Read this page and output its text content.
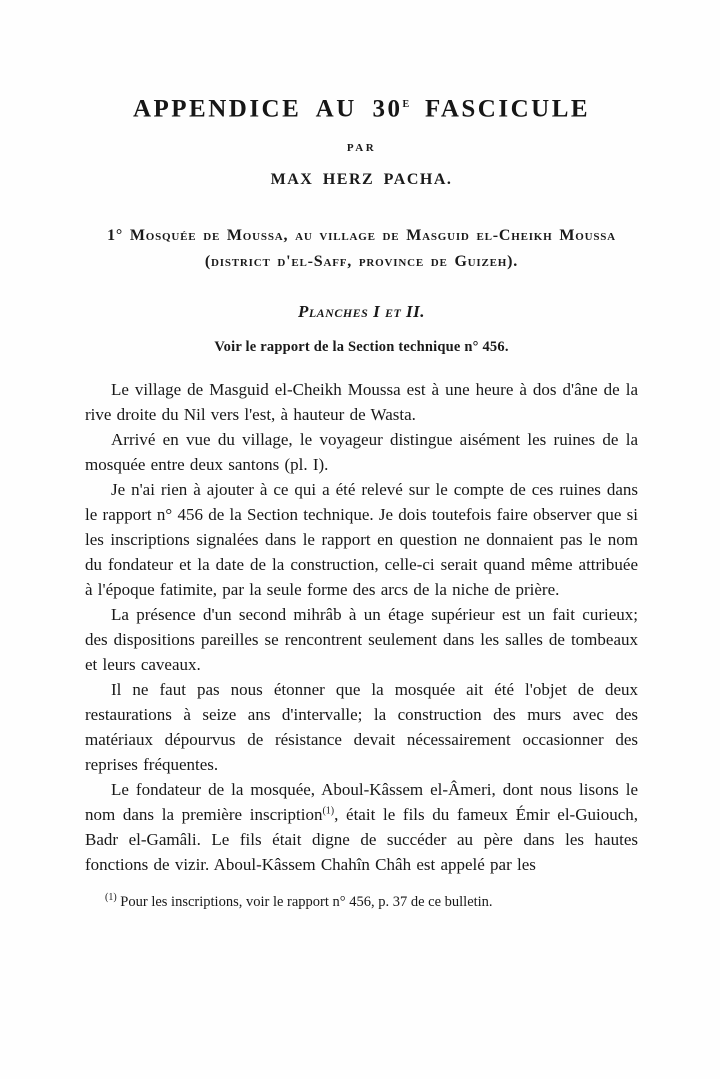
APPENDICE AU 30e FASCICULE
PAR
MAX HERZ PACHA.
1° Mosquée de Moussa, au village de Masguid el-Cheikh Moussa
(district d'el-Saff, province de Guizeh).
Planches I et II.
Voir le rapport de la Section technique n° 456.

Le village de Masguid el-Cheikh Moussa est à une heure à dos d'âne de la rive droite du Nil vers l'est, à hauteur de Wasta.

Arrivé en vue du village, le voyageur distingue aisément les ruines de la mosquée entre deux santons (pl. I).

Je n'ai rien à ajouter à ce qui a été relevé sur le compte de ces ruines dans le rapport n° 456 de la Section technique. Je dois toutefois faire observer que si les inscriptions signalées dans le rapport en question ne donnaient pas le nom du fondateur et la date de la construction, celle-ci serait quand même attribuée à l'époque fatimite, par la seule forme des arcs de la niche de prière.

La présence d'un second mihrâb à un étage supérieur est un fait curieux; des dispositions pareilles se rencontrent seulement dans les salles de tombeaux et leurs caveaux.

Il ne faut pas nous étonner que la mosquée ait été l'objet de deux restaurations à seize ans d'intervalle; la construction des murs avec des matériaux dépourvus de résistance devait nécessairement occasionner des reprises fréquentes.

Le fondateur de la mosquée, Aboul-Kâssem el-Âmeri, dont nous lisons le nom dans la première inscription$^{(1)}$, était le fils du fameux Émir el-Guiouch, Badr el-Gamâli. Le fils était digne de succéder au père dans les hautes fonctions de vizir. Aboul-Kâssem Chahîn Châh est appelé par les

$^{(1)}$ Pour les inscriptions, voir le rapport n° 456, p. 37 de ce bulletin.
